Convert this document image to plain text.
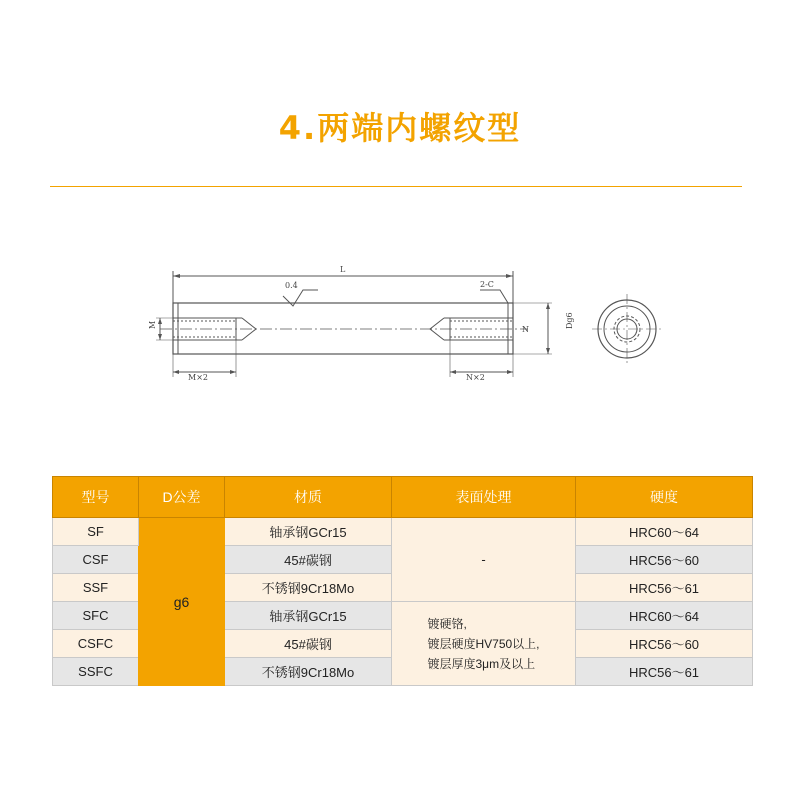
4.两端内螺纹型
L
0.4	2-C
M
N
Dg6
M×2	N×2
型号	D公差	材质	表面处理	硬度
SF	g6	轴承钢GCr15	-	HRC60～64
CSF		45#碳钢		HRC56～60
SSF		不锈钢9Cr18Mo		HRC56～61
SFC		轴承钢GCr15	镀硬铬,
镀层硬度HV750以上,
镀层厚度3μm及以上	HRC60～64
CSFC		45#碳钢		HRC56～60
SSFC		不锈钢9Cr18Mo		HRC56～61
